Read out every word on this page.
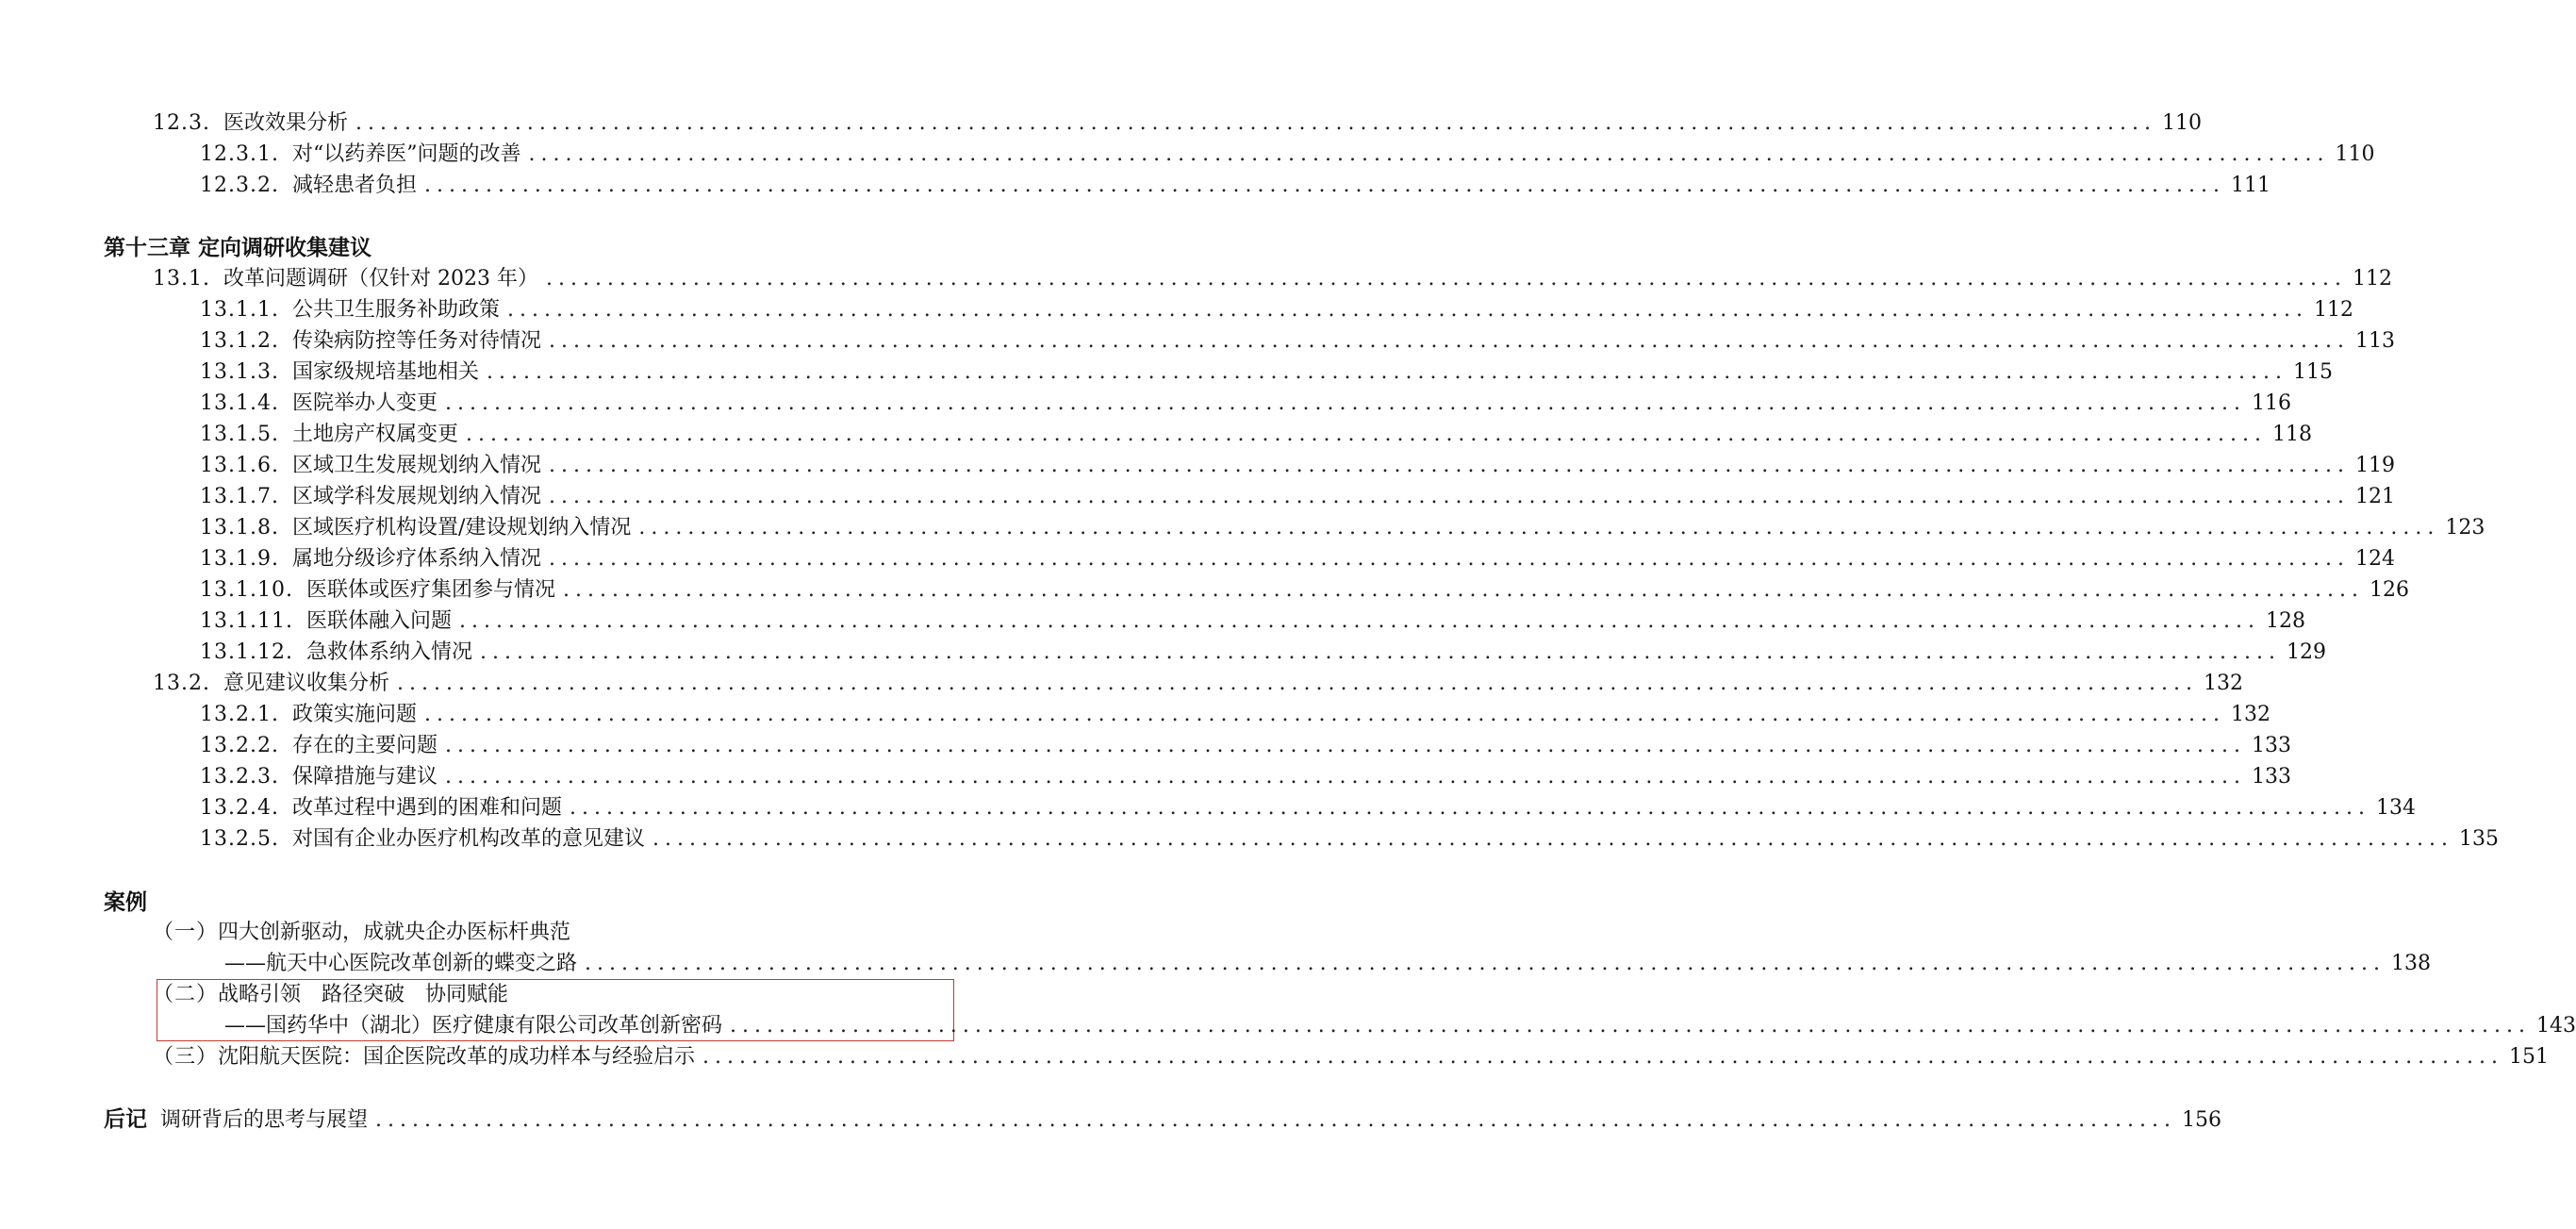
12.3. 医改效果分析 ................................................................................................................................................... 110
12.3.1. 对“以药养医”问题的改善 ................................................................................................................................................... 110
12.3.2. 减轻患者负担 ................................................................................................................................................... 111
第十三章 定向调研收集建议
13.1. 改革问题调研（仅针对 2023 年） ................................................................................................................................................... 112
13.1.1. 公共卫生服务补助政策 ................................................................................................................................................... 112
13.1.2. 传染病防控等任务对待情况 ................................................................................................................................................... 113
13.1.3. 国家级规培基地相关 ................................................................................................................................................... 115
13.1.4. 医院举办人变更 ................................................................................................................................................... 116
13.1.5. 土地房产权属变更 ................................................................................................................................................... 118
13.1.6. 区域卫生发展规划纳入情况 ................................................................................................................................................... 119
13.1.7. 区域学科发展规划纳入情况 ................................................................................................................................................... 121
13.1.8. 区域医疗机构设置/建设规划纳入情况 ................................................................................................................................................... 123
13.1.9. 属地分级诊疗体系纳入情况 ................................................................................................................................................... 124
13.1.10. 医联体或医疗集团参与情况 ................................................................................................................................................... 126
13.1.11. 医联体融入问题 ................................................................................................................................................... 128
13.1.12. 急救体系纳入情况 ................................................................................................................................................... 129
13.2. 意见建议收集分析 ................................................................................................................................................... 132
13.2.1. 政策实施问题 ................................................................................................................................................... 132
13.2.2. 存在的主要问题 ................................................................................................................................................... 133
13.2.3. 保障措施与建议 ................................................................................................................................................... 133
13.2.4. 改革过程中遇到的困难和问题 ................................................................................................................................................... 134
13.2.5. 对国有企业办医疗机构改革的意见建议 ................................................................................................................................................... 135
案例
（一） 四大创新驱动，成就央企办医标杆典范
——航天中心医院改革创新的蝶变之路 ................................................................................................................................................... 138
（二） 战略引领　路径突破　协同赋能
——国药华中（湖北）医疗健康有限公司改革创新密码 ................................................................................................................................................... 143
（三） 沈阳航天医院：国企医院改革的成功样本与经验启示 ................................................................................................................................................... 151
后记 调研背后的思考与展望 ................................................................................................................................................... 156
